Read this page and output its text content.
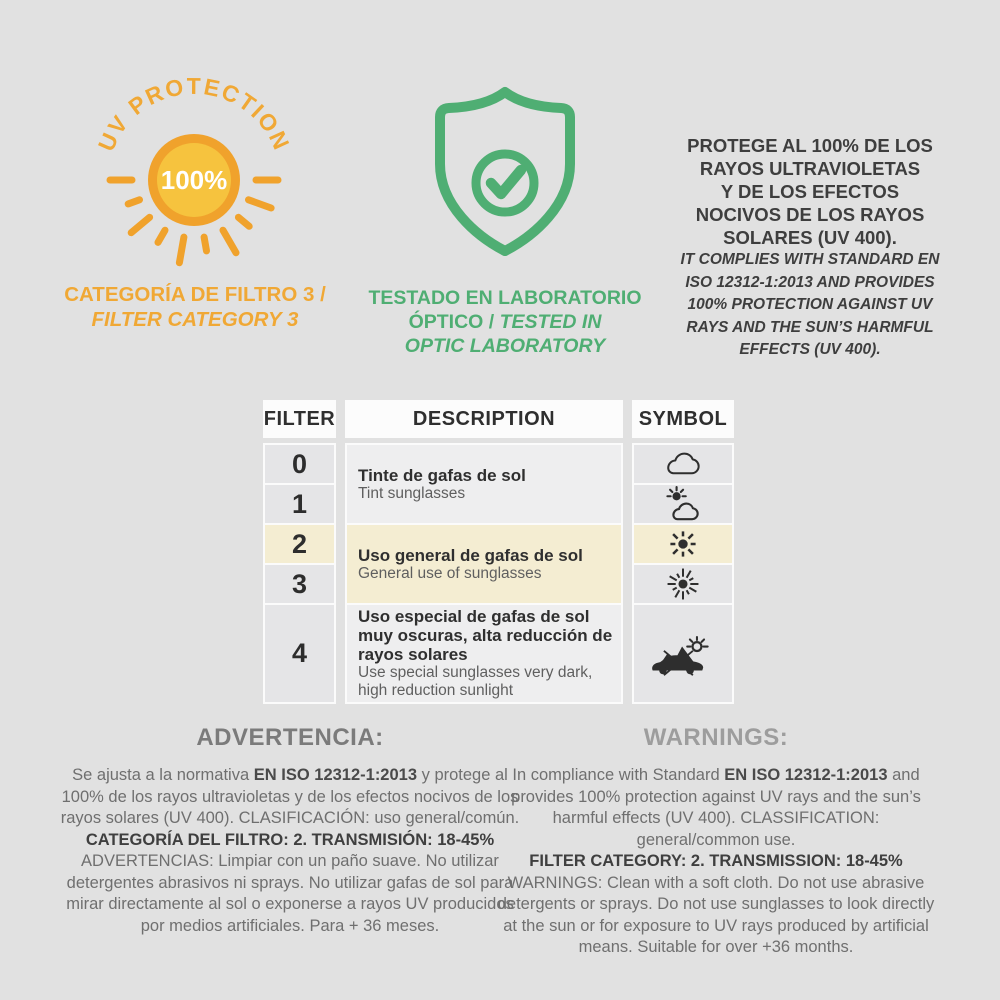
100%
UV PROTECTION
CATEGORÍA DE FILTRO 3 /
FILTER CATEGORY 3
TESTADO EN LABORATORIO
ÓPTICO / TESTED IN
OPTIC LABORATORY
PROTEGE AL 100% DE LOS
RAYOS ULTRAVIOLETAS
Y DE LOS EFECTOS
NOCIVOS DE LOS RAYOS
SOLARES (UV 400).
IT COMPLIES WITH STANDARD EN
ISO 12312-1:2013 AND PROVIDES
100% PROTECTION AGAINST UV
RAYS AND THE SUN’S HARMFUL
EFFECTS (UV 400).
FILTER	DESCRIPTION	SYMBOL
0
1
2
3
4
Tinte de gafas de sol
Tint sunglasses
Uso general de gafas de sol
General use of sunglasses
Uso especial de gafas de sol muy oscuras, alta reducción de rayos solares
Use special sunglasses very dark, high reduction sunlight
ADVERTENCIA:

Se ajusta a la normativa EN ISO 12312-1:2013 y protege al 100% de los rayos ultravioletas y de los efectos nocivos de los rayos solares (UV 400). CLASIFICACIÓN: uso general/común.

CATEGORÍA DEL FILTRO: 2. TRANSMISIÓN: 18-45%

ADVERTENCIAS: Limpiar con un paño suave. No utilizar detergentes abrasivos ni sprays. No utilizar gafas de sol para mirar directamente al sol o exponerse a rayos UV producidos por medios artificiales. Para + 36 meses.

WARNINGS:

In compliance with Standard EN ISO 12312-1:2013 and provides 100% protection against UV rays and the sun’s harmful effects (UV 400). CLASSIFICATION: general/common use.

FILTER CATEGORY: 2. TRANSMISSION: 18-45%

WARNINGS: Clean with a soft cloth. Do not use abrasive detergents or sprays. Do not use sunglasses to look directly at the sun or for exposure to UV rays produced by artificial means. Suitable for over +36 months.
